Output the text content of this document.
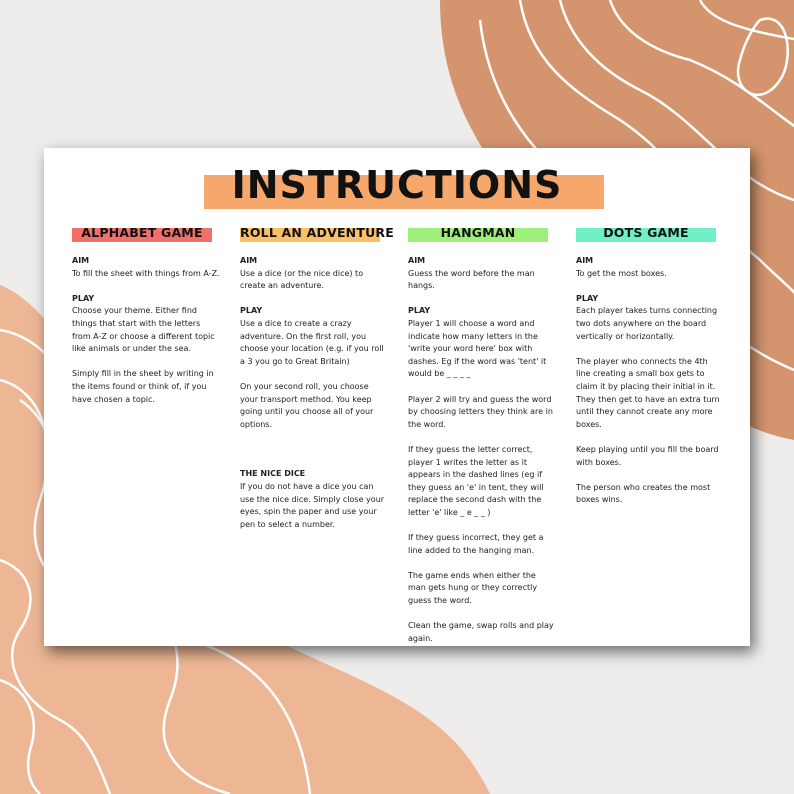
INSTRUCTIONS
ALPHABET GAME
AIM

To fill the sheet with things from A-Z.

PLAY

Choose your theme. Either find things that start with the letters from A-Z or choose a different topic like animals or under the sea.

Simply fill in the sheet by writing in the items found or think of, if you have chosen a topic.

ROLL AN ADVENTURE
AIM

Use a dice (or the nice dice) to create an adventure.

PLAY

Use a dice to create a crazy adventure. On the first roll, you choose your location (e.g. if you roll a 3 you go to Great Britain)

On your second roll, you choose your transport method. You keep going until you choose all of your options.

THE NICE DICE

If you do not have a dice you can use the nice dice. Simply close your eyes, spin the paper and use your pen to select a number.

HANGMAN
AIM

Guess the word before the man hangs.

PLAY

Player 1 will choose a word and indicate how many letters in the 'write your word here' box with dashes. Eg if the word was 'tent' it would be _ _ _ _

Player 2 will try and guess the word by choosing letters they think are in the word.

If they guess the letter correct, player 1 writes the letter as it appears in the dashed lines (eg if they guess an 'e' in tent, they will replace the second dash with the letter 'e' like _ e _ _ )

If they guess incorrect, they get a line added to the hanging man.

The game ends when either the man gets hung or they correctly guess the word.

Clean the game, swap rolls and play again.

DOTS GAME
AIM

To get the most boxes.

PLAY

Each player takes turns connecting two dots anywhere on the board vertically or horizontally.

The player who connects the 4th line creating a small box gets to claim it by placing their initial in it. They then get to have an extra turn until they cannot create any more boxes.

Keep playing until you fill the board with boxes.

The person who creates the most boxes wins.
